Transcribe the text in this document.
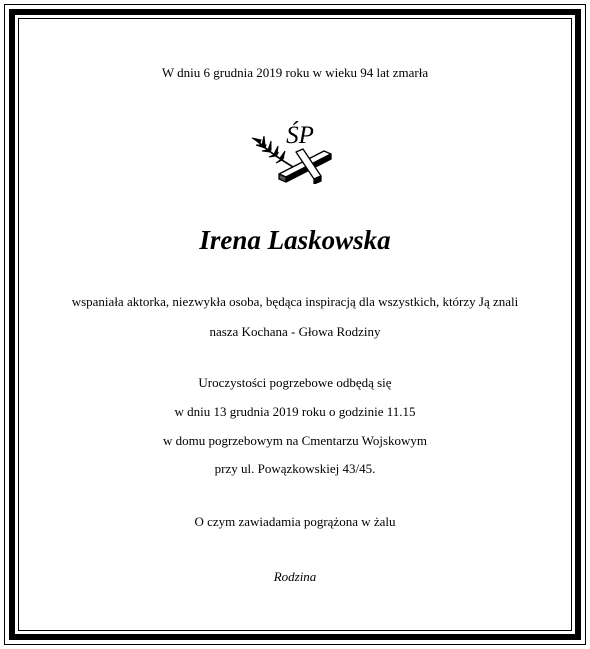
W dniu 6 grudnia 2019 roku w wieku 94 lat zmarła
ŚP
Irena Laskowska
wspaniała aktorka, niezwykła osoba, będąca inspiracją dla wszystkich, którzy Ją znali
nasza Kochana - Głowa Rodziny
Uroczystości pogrzebowe odbędą się
w dniu 13 grudnia 2019 roku o godzinie 11.15
w domu pogrzebowym na Cmentarzu Wojskowym
przy ul. Powązkowskiej 43/45.
O czym zawiadamia pogrążona w żalu
Rodzina
